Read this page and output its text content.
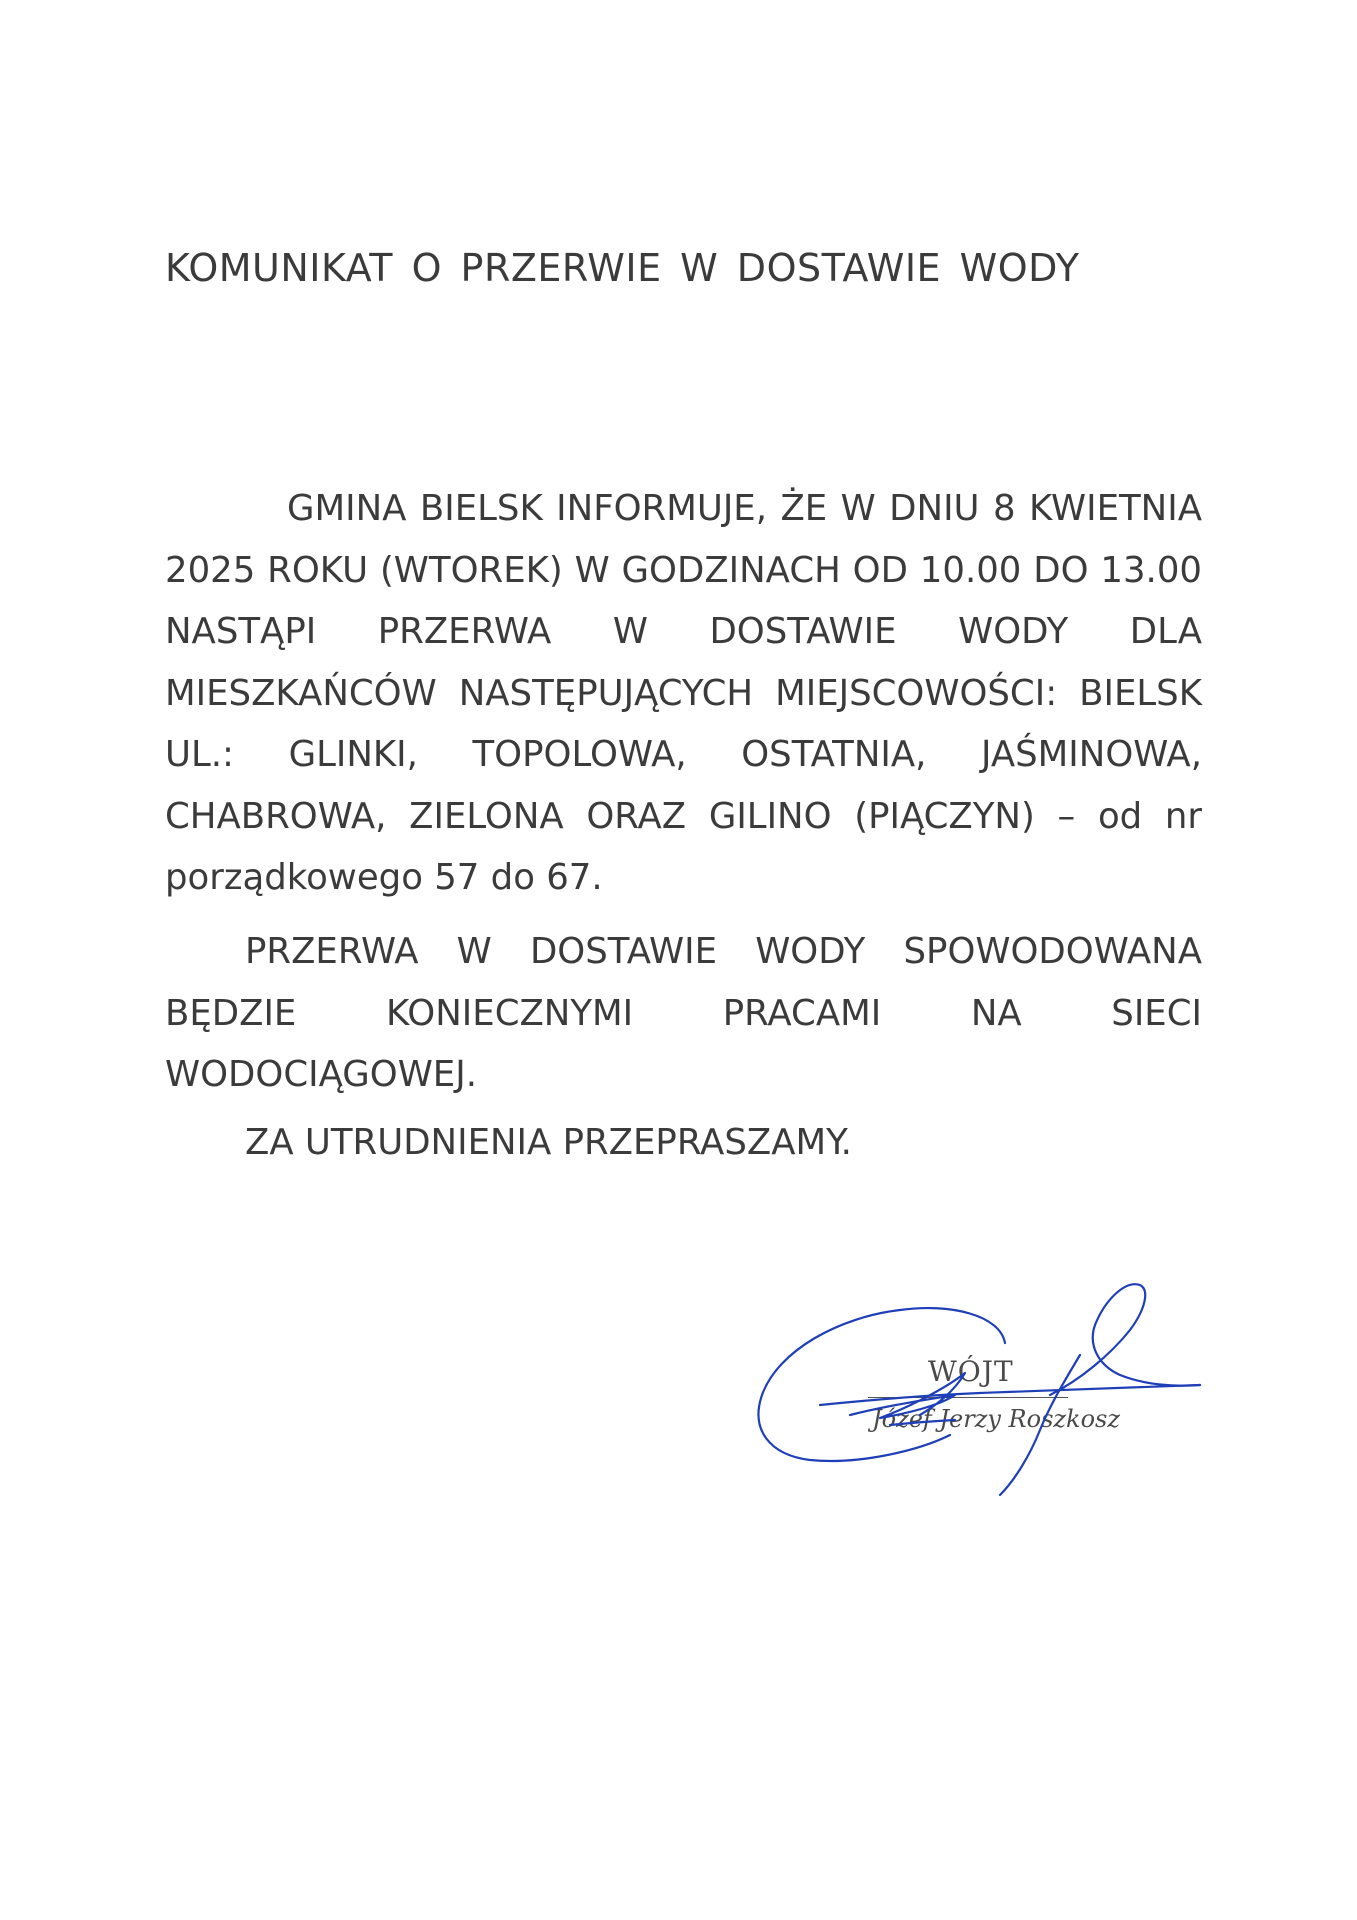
KOMUNIKAT O PRZERWIE W DOSTAWIE WODY

GMINA BIELSK INFORMUJE, ŻE W DNIU 8 KWIETNIA 2025 ROKU (WTOREK) W GODZINACH OD 10.00 DO 13.00 NASTĄPI PRZERWA W DOSTAWIE WODY DLA MIESZKAŃCÓW NASTĘPUJĄCYCH MIEJSCOWOŚCI: BIELSK UL.: GLINKI, TOPOLOWA, OSTATNIA, JAŚMINOWA, CHABROWA, ZIELONA ORAZ GILINO (PIĄCZYN) – od nr porządkowego 57 do 67.

PRZERWA W DOSTAWIE WODY SPOWODOWANA BĘDZIE KONIECZNYMI PRACAMI NA SIECI WODOCIĄGOWEJ.

ZA UTRUDNIENIA PRZEPRASZAMY.

WÓJT
Józef Jerzy Roszkosz
